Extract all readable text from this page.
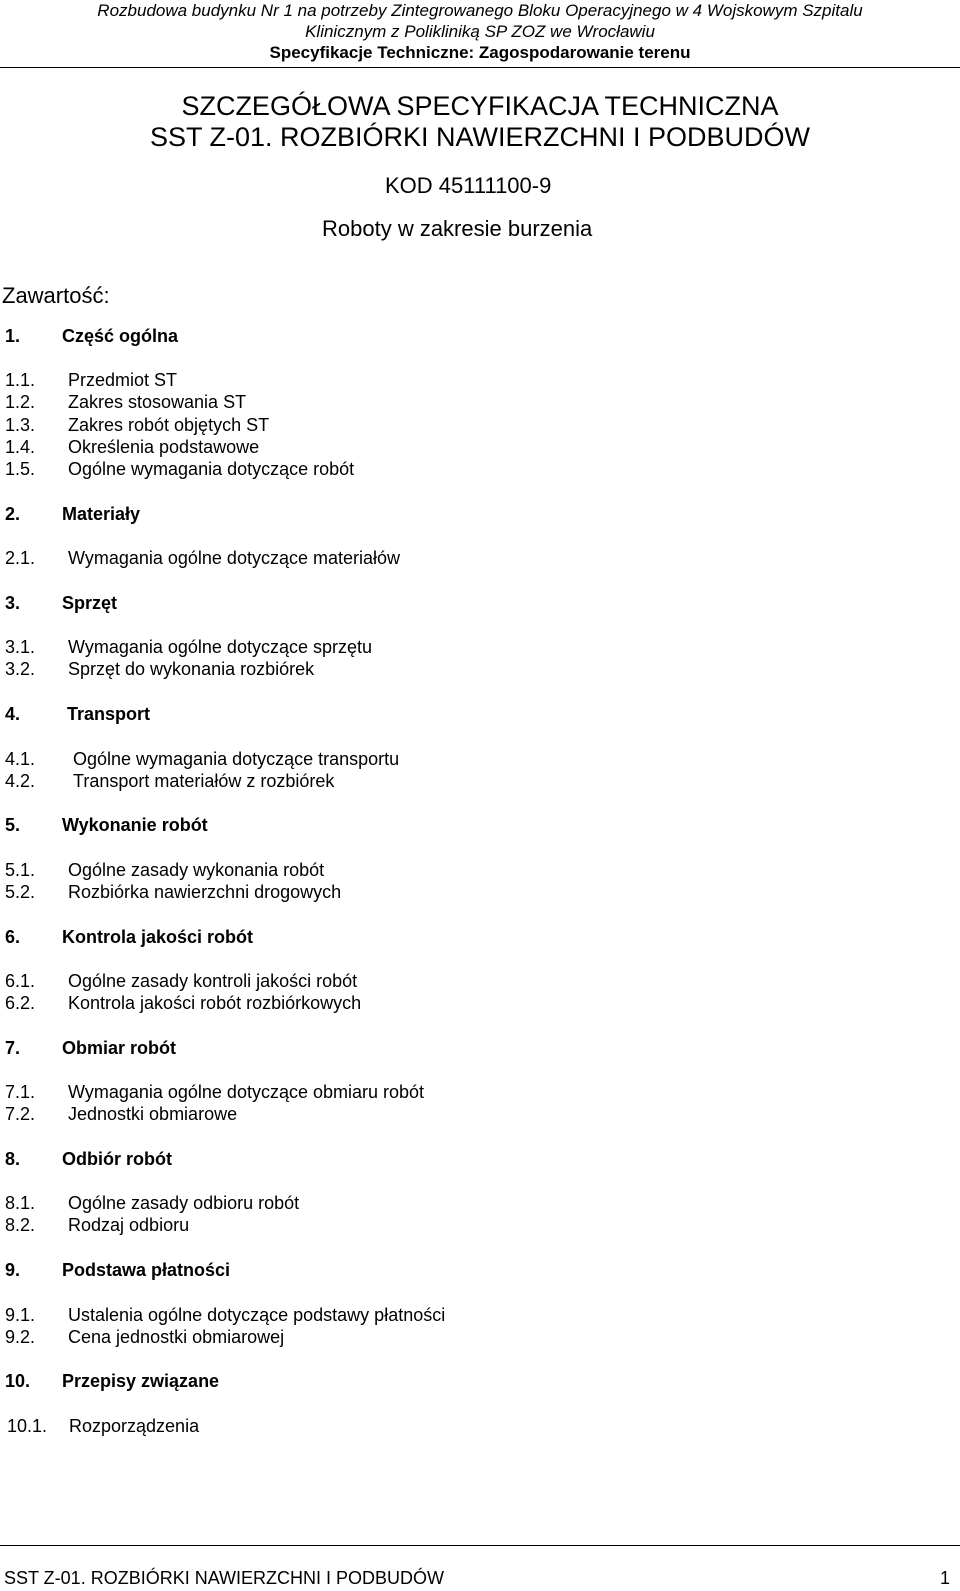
Rozbudowa budynku Nr 1 na potrzeby Zintegrowanego Bloku Operacyjnego w 4 Wojskowym Szpitalu
Klinicznym z Polikliniką SP ZOZ we Wrocławiu
Specyfikacje Techniczne: Zagospodarowanie terenu
SZCZEGÓŁOWA SPECYFIKACJA TECHNICZNA
SST Z-01. ROZBIÓRKI NAWIERZCHNI I PODBUDÓW
KOD 45111100-9
Roboty w zakresie burzenia
Zawartość:
1. Część ogólna
1.1. Przedmiot ST
1.2. Zakres stosowania ST
1.3. Zakres robót objętych ST
1.4. Określenia podstawowe
1.5. Ogólne wymagania dotyczące robót
2. Materiały
2.1. Wymagania ogólne dotyczące materiałów
3. Sprzęt
3.1. Wymagania ogólne dotyczące sprzętu
3.2. Sprzęt do wykonania rozbiórek
4.	Transport
4.1. Ogólne wymagania dotyczące transportu
4.2. Transport materiałów z rozbiórek
5. Wykonanie robót
5.1. Ogólne zasady wykonania robót
5.2. Rozbiórka nawierzchni drogowych
6. Kontrola jakości robót
6.1. Ogólne zasady kontroli jakości robót
6.2. Kontrola jakości robót rozbiórkowych
7. Obmiar robót
7.1. Wymagania ogólne dotyczące obmiaru robót
7.2. Jednostki obmiarowe
8. Odbiór robót
8.1. Ogólne zasady odbioru robót
8.2. Rodzaj odbioru
9. Podstawa płatności
9.1. Ustalenia ogólne dotyczące podstawy płatności
9.2. Cena jednostki obmiarowej
10. Przepisy związane
10.1. Rozporządzenia
SST Z-01. ROZBIÓRKI NAWIERZCHNI I PODBUDÓW	1
